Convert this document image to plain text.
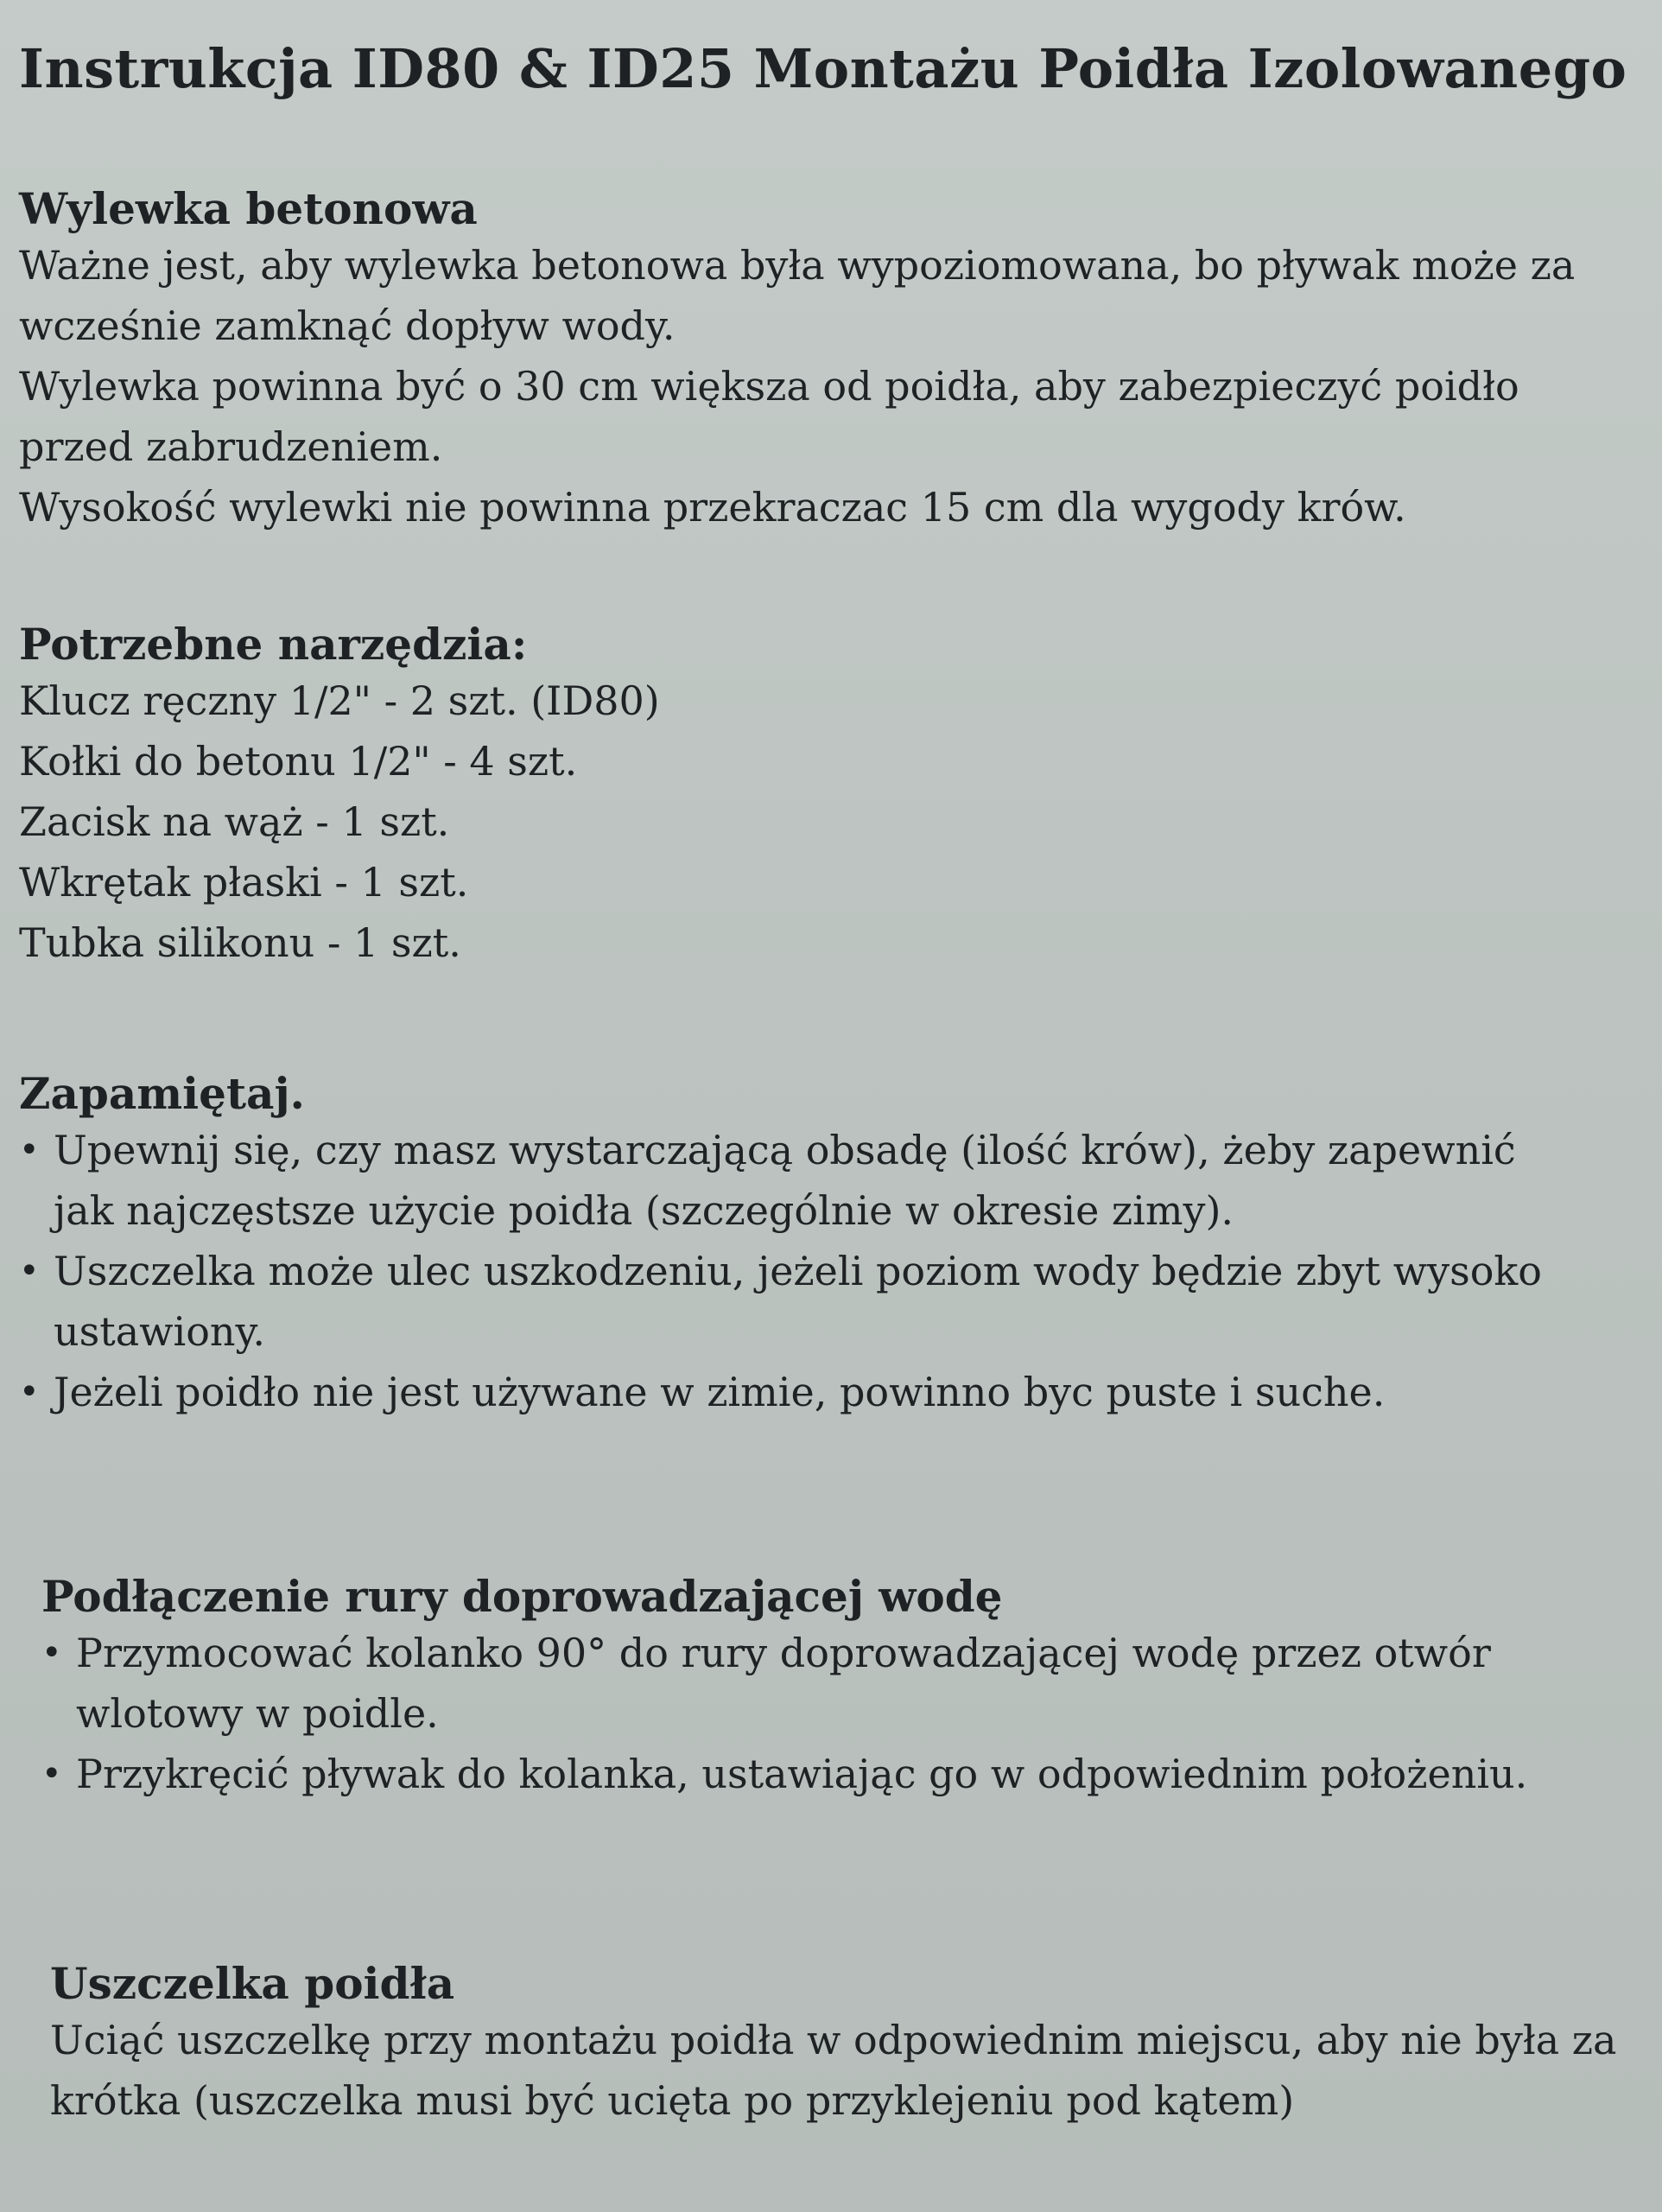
Instrukcja ID80 & ID25 Montażu Poidła Izolowanego
Wylewka betonowa
Ważne jest, aby wylewka betonowa była wypoziomowana, bo pływak może za
wcześnie zamknąć dopływ wody.
Wylewka powinna być o 30 cm większa od poidła, aby zabezpieczyć poidło
przed zabrudzeniem.
Wysokość wylewki nie powinna przekraczac 15 cm dla wygody krów.
Potrzebne narzędzia:
Klucz ręczny 1/2" - 2 szt. (ID80)
Kołki do betonu 1/2" - 4 szt.
Zacisk na wąż - 1 szt.
Wkrętak płaski - 1 szt.
Tubka silikonu - 1 szt.
Zapamiętaj.
• Upewnij się, czy masz wystarczającą obsadę (ilość krów), żeby zapewnić jak najczęstsze użycie poidła (szczególnie w okresie zimy).
• Uszczelka może ulec uszkodzeniu, jeżeli poziom wody będzie zbyt wysoko ustawiony.
• Jeżeli poidło nie jest używane w zimie, powinno byc puste i suche.
Podłączenie rury doprowadzającej wodę
• Przymocować kolanko 90° do rury doprowadzającej wodę przez otwór wlotowy w poidle.
• Przykręcić pływak do kolanka, ustawiając go w odpowiednim położeniu.
Uszczelka poidła
Uciąć uszczelkę przy montażu poidła w odpowiednim miejscu, aby nie była za
krótka (uszczelka musi być ucięta po przyklejeniu pod kątem)
